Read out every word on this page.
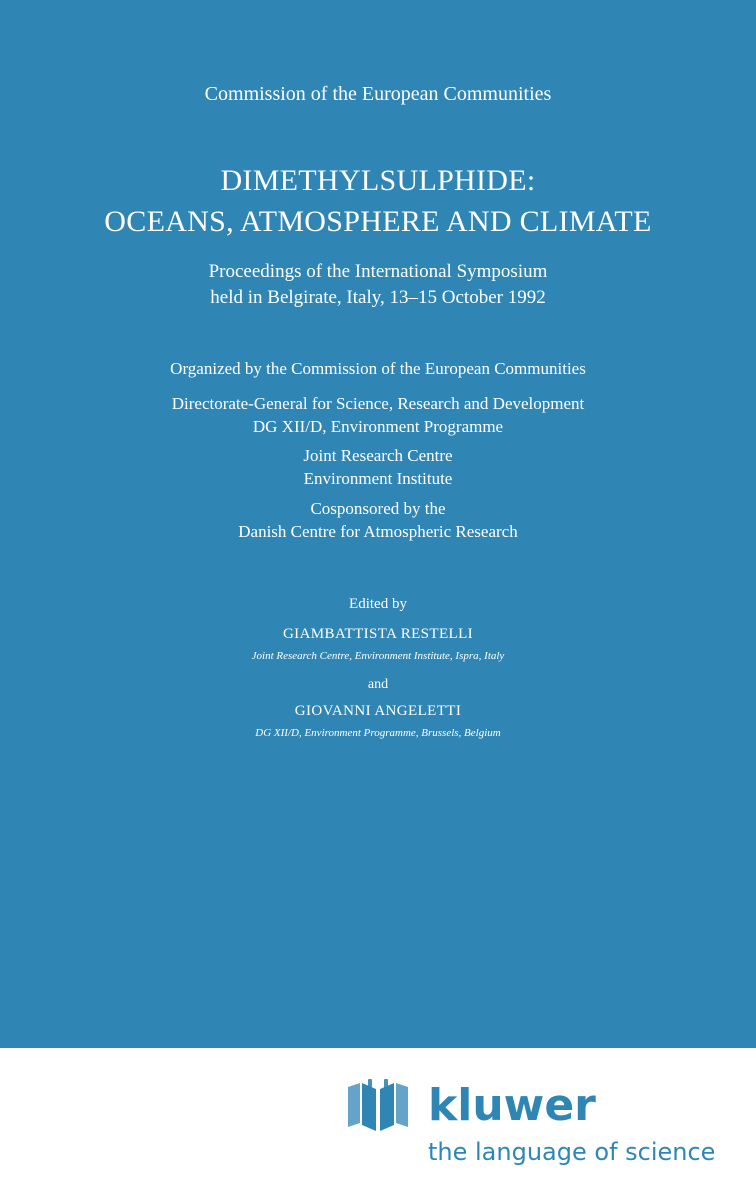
Commission of the European Communities

DIMETHYLSULPHIDE:

OCEANS, ATMOSPHERE AND CLIMATE

Proceedings of the International Symposium

held in Belgirate, Italy, 13–15 October 1992

Organized by the Commission of the European Communities

Directorate-General for Science, Research and Development

DG XII/D, Environment Programme

Joint Research Centre

Environment Institute

Cosponsored by the

Danish Centre for Atmospheric Research

Edited by

GIAMBATTISTA RESTELLI

Joint Research Centre, Environment Institute, Ispra, Italy

and

GIOVANNI ANGELETTI

DG XII/D, Environment Programme, Brussels, Belgium

kluwer
the language of science
